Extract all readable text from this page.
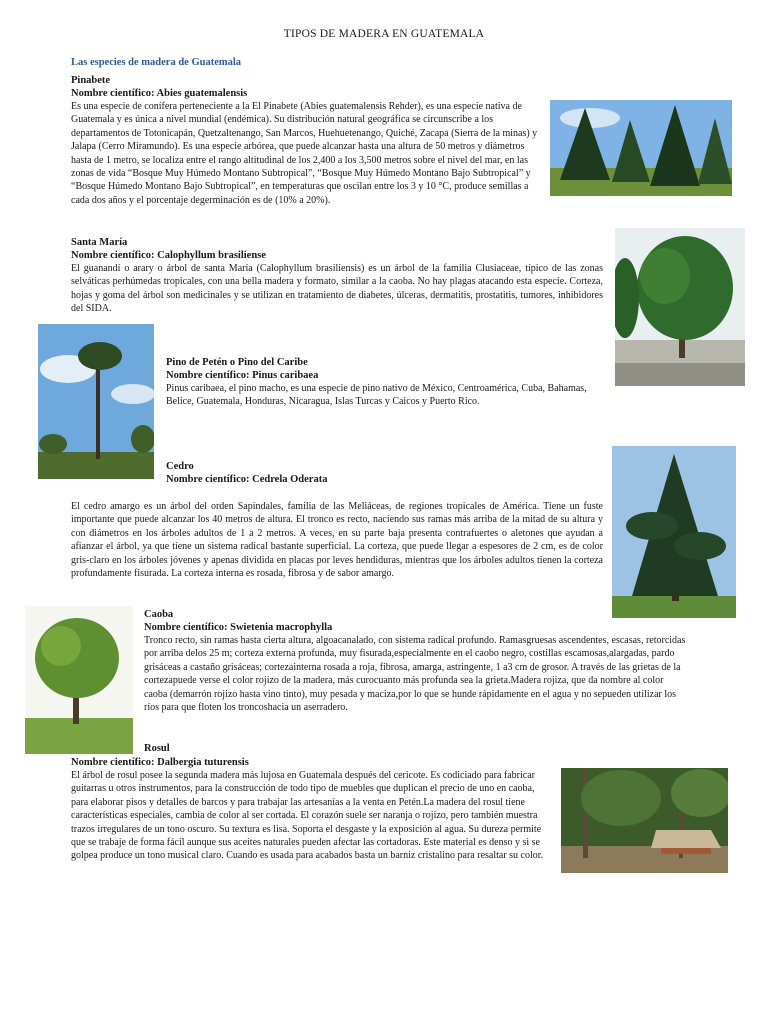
TIPOS DE MADERA EN GUATEMALA
Las especies de madera de Guatemala
Pinabete
Nombre científico: Abies guatemalensis
Es una especie de conífera perteneciente a la El Pinabete (Abies guatemalensis Rehder), es una especie nativa de Guatemala y es única a nivel mundial (endémica). Su distribución natural geográfica se circunscribe a los departamentos de Totonicapán, Quetzaltenango, San Marcos, Huehuetenango, Quiché, Zacapa (Sierra de la minas) y Jalapa (Cerro Miramundo). Es una especie arbórea, que puede alcanzar hasta una altura de 50 metros y diámetros hasta de 1 metro, se localiza entre el rango altitudinal de los 2,400 a los 3,500 metros sobre el nivel del mar, en las zonas de vida “Bosque Muy Húmedo Montano Subtropical”, “Bosque Muy Húmedo Montano Bajo Subtropical” y “Bosque Húmedo Montano Bajo Subtropical”, en temperaturas que oscilan entre los 3 y 10 °C, produce semillas a cada dos años y el porcentaje degerminación es de (10% a 20%).
Santa María
Nombre científico: Calophyllum brasiliense
El guanandí o arary o árbol de santa María (Calophyllum brasiliensis) es un árbol de la familia Clusiaceae, típico de las zonas selváticas perhúmedas tropicales, con una bella madera y formato, similar a la caoba. No hay plagas atacando esta especie. Corteza, hojas y goma del árbol son medicinales y se utilizan en tratamiento de diabetes, úlceras, dermatitis, prostatitis, tumores, inhibidores del SIDA.
Pino de Petén o Pino del Caribe
Nombre científico: Pinus caribaea
Pinus caribaea, el pino macho, es una especie de pino nativo de México, Centroamérica, Cuba, Bahamas, Belice, Guatemala, Honduras, Nicaragua, Islas Turcas y Caicos y Puerto Rico.
Cedro
Nombre científico: Cedrela Oderata
El cedro amargo es un árbol del orden Sapindales, familia de las Meliáceas, de regiones tropicales de América. Tiene un fuste importante que puede alcanzar los 40 metros de altura. El tronco es recto, naciendo sus ramas más arriba de la mitad de su altura y con diámetros en los árboles adultos de 1 a 2 metros. A veces, en su parte baja presenta contrafuertes o aletones que ayudan a afianzar el árbol, ya que tiene un sistema radical bastante superficial. La corteza, que puede llegar a espesores de 2 cm, es de color gris-claro en los árboles jóvenes y apenas dividida en placas por leves hendiduras, mientras que los árboles adultos tienen la corteza profundamente fisurada. La corteza interna es rosada, fibrosa y de sabor amargo.
Caoba
Nombre científico: Swietenia macrophylla
Tronco recto, sin ramas hasta cierta altura, algoacanalado, con sistema radical profundo. Ramasgruesas ascendentes, escasas, retorcidas por arriba delos 25 m; corteza externa profunda, muy fisurada,especialmente en el caobo negro, costillas escamosas,alargadas, pardo grisáceas a castaño grisáceas; cortezainterna rosada a roja, fibrosa, amarga, astringente, 1 a3 cm de grosor. A través de las grietas de la cortezapuede verse el color rojizo de la madera, más curocuanto más profunda sea la grieta.Madera rojiza, que da nombre al color caoba (demarrón rojizo hasta vino tinto), muy pesada y maciza,por lo que se hunde rápidamente en el agua y no sepueden utilizar los ríos para que floten los troncoshacia un aserradero.
Rosul
Nombre científico: Dalbergia tuturensis
El árbol de rosul posee la segunda madera más lujosa en Guatemala después del cericote. Es codiciado para fabricar guitarras u otros instrumentos, para la construcción de todo tipo de muebles que duplican el precio de uno en caoba, para elaborar pisos y detalles de barcos y para trabajar las artesanías a la venta en Petén.La madera del rosul tiene características especiales, cambia de color al ser cortada. El corazón suele ser naranja o rojizo, pero también muestra trazos irregulares de un tono oscuro. Su textura es lisa. Soporta el desgaste y la exposición al agua. Su dureza permite que se trabaje de forma fácil aunque sus aceites naturales pueden afectar las cortadoras. Este material es denso y si se golpea produce un tono musical claro. Cuando es usada para acabados basta un barniz cristalino para resaltar su color.
